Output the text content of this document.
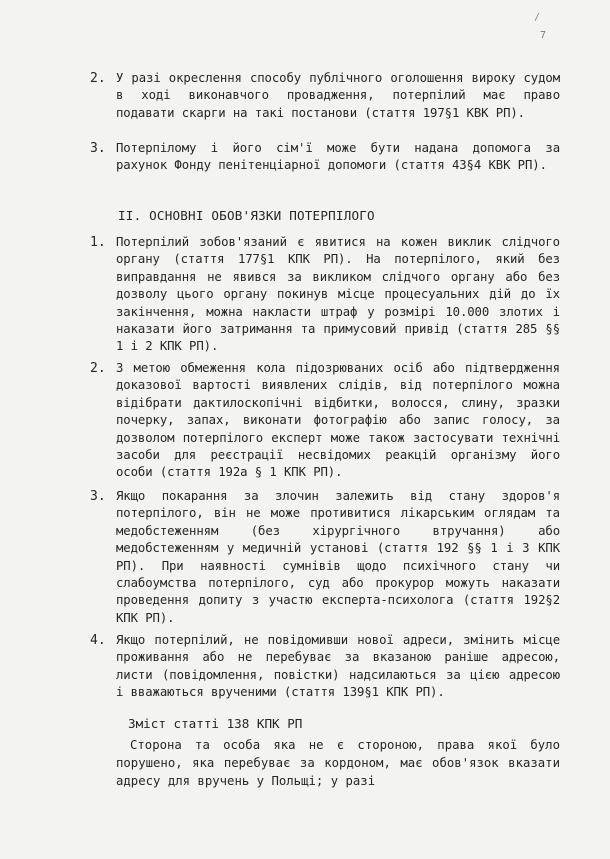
/
7
2. У разі окреслення способу публічного оголошення вироку судом в ході виконавчого провадження, потерпілий має право подавати скарги на такі постанови (стаття 197§1 КВК РП).
3. Потерпілому і його сім'ї може бути надана допомога за рахунок Фонду пенітенціарної допомоги (стаття 43§4 КВК РП).
ІІ. ОСНОВНІ ОБОВ'ЯЗКИ ПОТЕРПІЛОГО
1. Потерпілий зобов'язаний є явитися на кожен виклик слідчого органу (стаття 177§1 КПК РП). На потерпілого, який без виправдання не явився за викликом слідчого органу або без дозволу цього органу покинув місце процесуальних дій до їх закінчення, можна накласти штраф у розмірі 10.000 злотих і наказати його затримання та примусовий привід (стаття 285 §§ 1 і 2 КПК РП).
2. З метою обмеження кола підозрюваних осіб або підтвердження доказової вартості виявлених слідів, від потерпілого можна відібрати дактилоскопічні відбитки, волосся, слину, зразки почерку, запах, виконати фотографію або запис голосу, за дозволом потерпілого експерт може також застосувати технічні засоби для реєстрації несвідомих реакцій організму його особи (стаття 192а § 1 КПК РП).
3. Якщо покарання за злочин залежить від стану здоров'я потерпілого, він не може противитися лікарським оглядам та медобстеженням (без хірургічного втручання) або медобстеженням у медичній установі (стаття 192 §§ 1 і 3 КПК РП). При наявності сумнівів щодо психічного стану чи слабоумства потерпілого, суд або прокурор можуть наказати проведення допиту з участю експерта-психолога (стаття 192§2 КПК РП).
4. Якщо потерпілий, не повідомивши нової адреси, змінить місце проживання або не перебуває за вказаною раніше адресою, листи (повідомлення, повістки) надсилаються за цією адресою і вважаються врученими (стаття 139§1 КПК РП).
Зміст статті 138 КПК РП
Сторона та особа яка не є стороною, права якої було порушено, яка перебуває за кордоном, має обов'язок вказати адресу для вручень у Польщі; у разі
